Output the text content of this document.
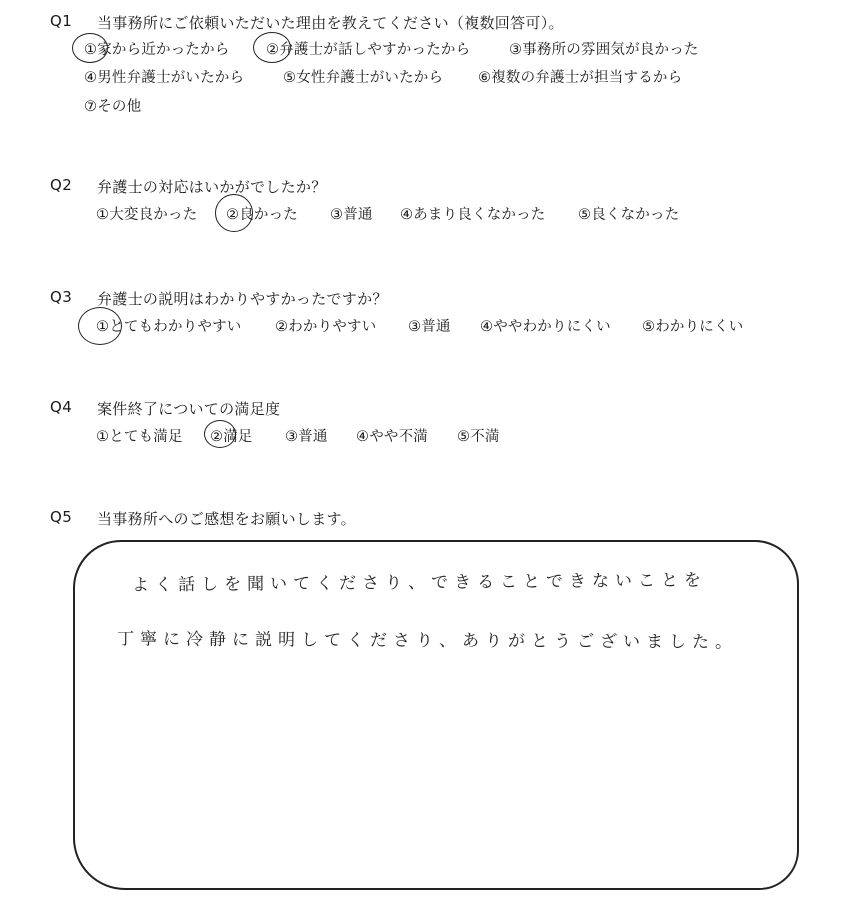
Q1 当事務所にご依頼いただいた理由を教えてください（複数回答可）。
①家から近かったから	②弁護士が話しやすかったから	③事務所の雰囲気が良かった
④男性弁護士がいたから	⑤女性弁護士がいたから ⑥複数の弁護士が担当するから
⑦その他
Q2 弁護士の対応はいかがでしたか？
①大変良かった ②良かった ③普通 ④あまり良くなかった ⑤良くなかった
Q3 弁護士の説明はわかりやすかったですか？
①とてもわかりやすい ②わかりやすい ③普通 ④ややわかりにくい ⑤わかりにくい
Q4 案件終了についての満足度
①とても満足 ②満足 ③普通 ④やや不満 ⑤不満
Q5 当事務所へのご感想をお願いします。
よく話しを聞いてくださり、できることできないことを
丁寧に冷静に説明してくださり、ありがとうございました。
